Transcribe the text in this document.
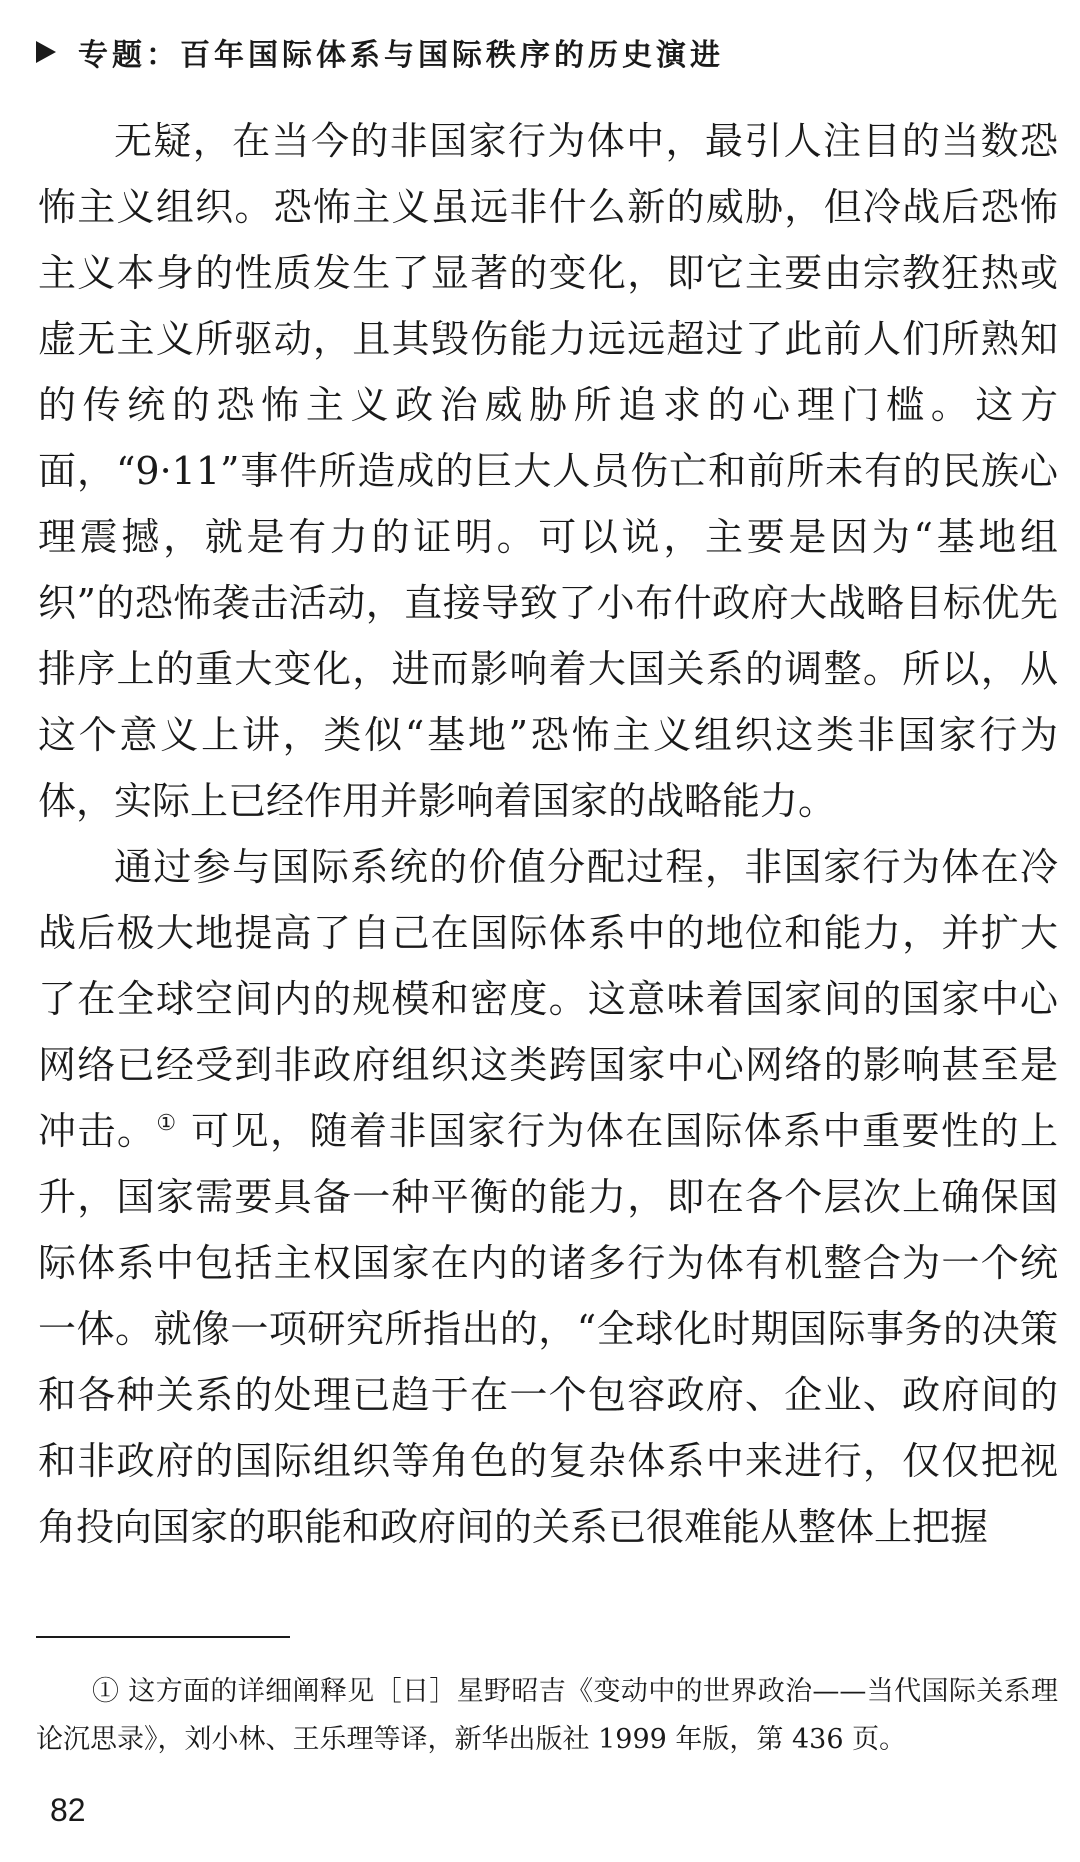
专题：百年国际体系与国际秩序的历史演进

无疑，在当今的非国家行为体中，最引人注目的当数恐怖主义组织。恐怖主义虽远非什么新的威胁，但冷战后恐怖主义本身的性质发生了显著的变化，即它主要由宗教狂热或虚无主义所驱动，且其毁伤能力远远超过了此前人们所熟知的传统的恐怖主义政治威胁所追求的心理门槛。这方面，“9·11”事件所造成的巨大人员伤亡和前所未有的民族心理震撼，就是有力的证明。可以说，主要是因为“基地组织”的恐怖袭击活动，直接导致了小布什政府大战略目标优先排序上的重大变化，进而影响着大国关系的调整。所以，从这个意义上讲，类似“基地”恐怖主义组织这类非国家行为体，实际上已经作用并影响着国家的战略能力。

通过参与国际系统的价值分配过程，非国家行为体在冷战后极大地提高了自己在国际体系中的地位和能力，并扩大了在全球空间内的规模和密度。这意味着国家间的国家中心网络已经受到非政府组织这类跨国家中心网络的影响甚至是冲击。① 可见，随着非国家行为体在国际体系中重要性的上升，国家需要具备一种平衡的能力，即在各个层次上确保国际体系中包括主权国家在内的诸多行为体有机整合为一个统一体。就像一项研究所指出的，“全球化时期国际事务的决策和各种关系的处理已趋于在一个包容政府、企业、政府间的和非政府的国际组织等角色的复杂体系中来进行，仅仅把视角投向国家的职能和政府间的关系已很难能从整体上把握

① 这方面的详细阐释见［日］星野昭吉《变动中的世界政治——当代国际关系理论沉思录》，刘小林、王乐理等译，新华出版社 1999 年版，第 436 页。
82
